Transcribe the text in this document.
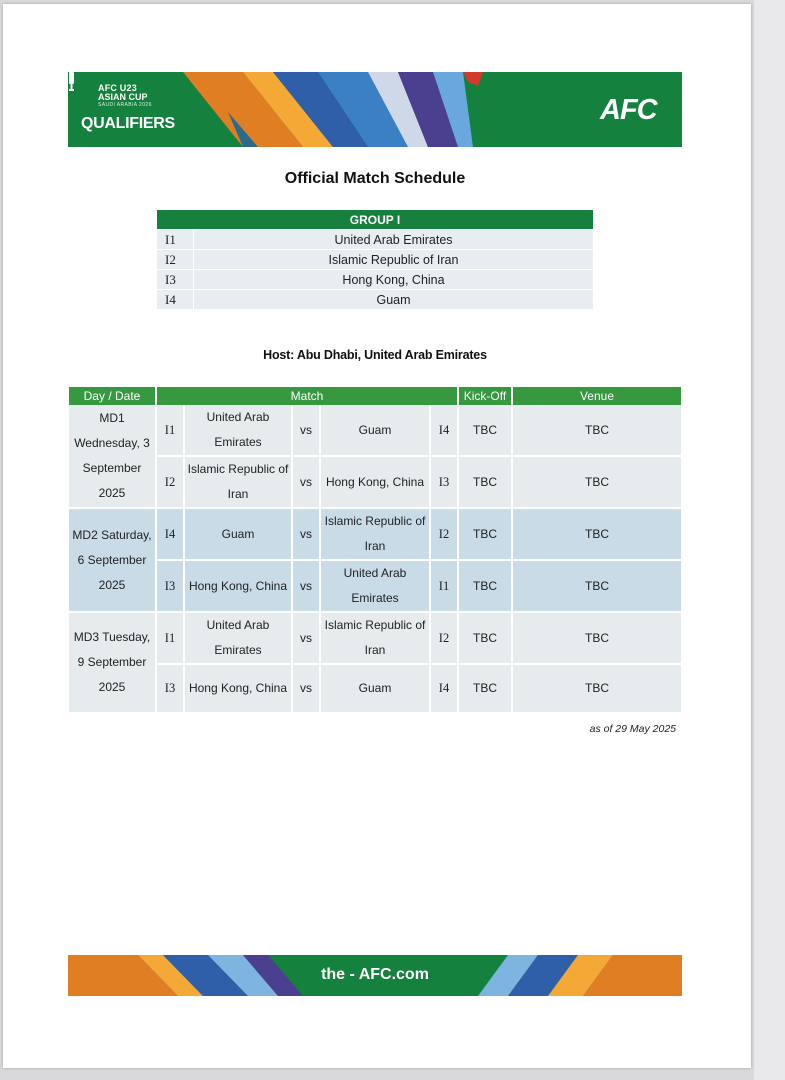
AFC U23
ASIAN CUP
SAUDI ARABIA 2026
QUALIFIERS	AFC
Official Match Schedule
GROUP I	
I1	United Arab Emirates
I2	Islamic Republic of Iran
I3	Hong Kong, China
I4	Guam
Host: Abu Dhabi, United Arab Emirates
Day / Date	Match					Kick-Off	Venue
MD1 Wednesday, 3 September 2025	I1	United Arab Emirates	vs	Guam	I4	TBC	TBC
	I2	Islamic Republic of Iran	vs	Hong Kong, China	I3	TBC	TBC
MD2 Saturday, 6 September 2025	I4	Guam	vs	Islamic Republic of Iran	I2	TBC	TBC
	I3	Hong Kong, China	vs	United Arab Emirates	I1	TBC	TBC
MD3 Tuesday, 9 September 2025	I1	United Arab Emirates	vs	Islamic Republic of Iran	I2	TBC	TBC
	I3	Hong Kong, China	vs	Guam	I4	TBC	TBC
as of 29 May 2025
the - AFC.com
